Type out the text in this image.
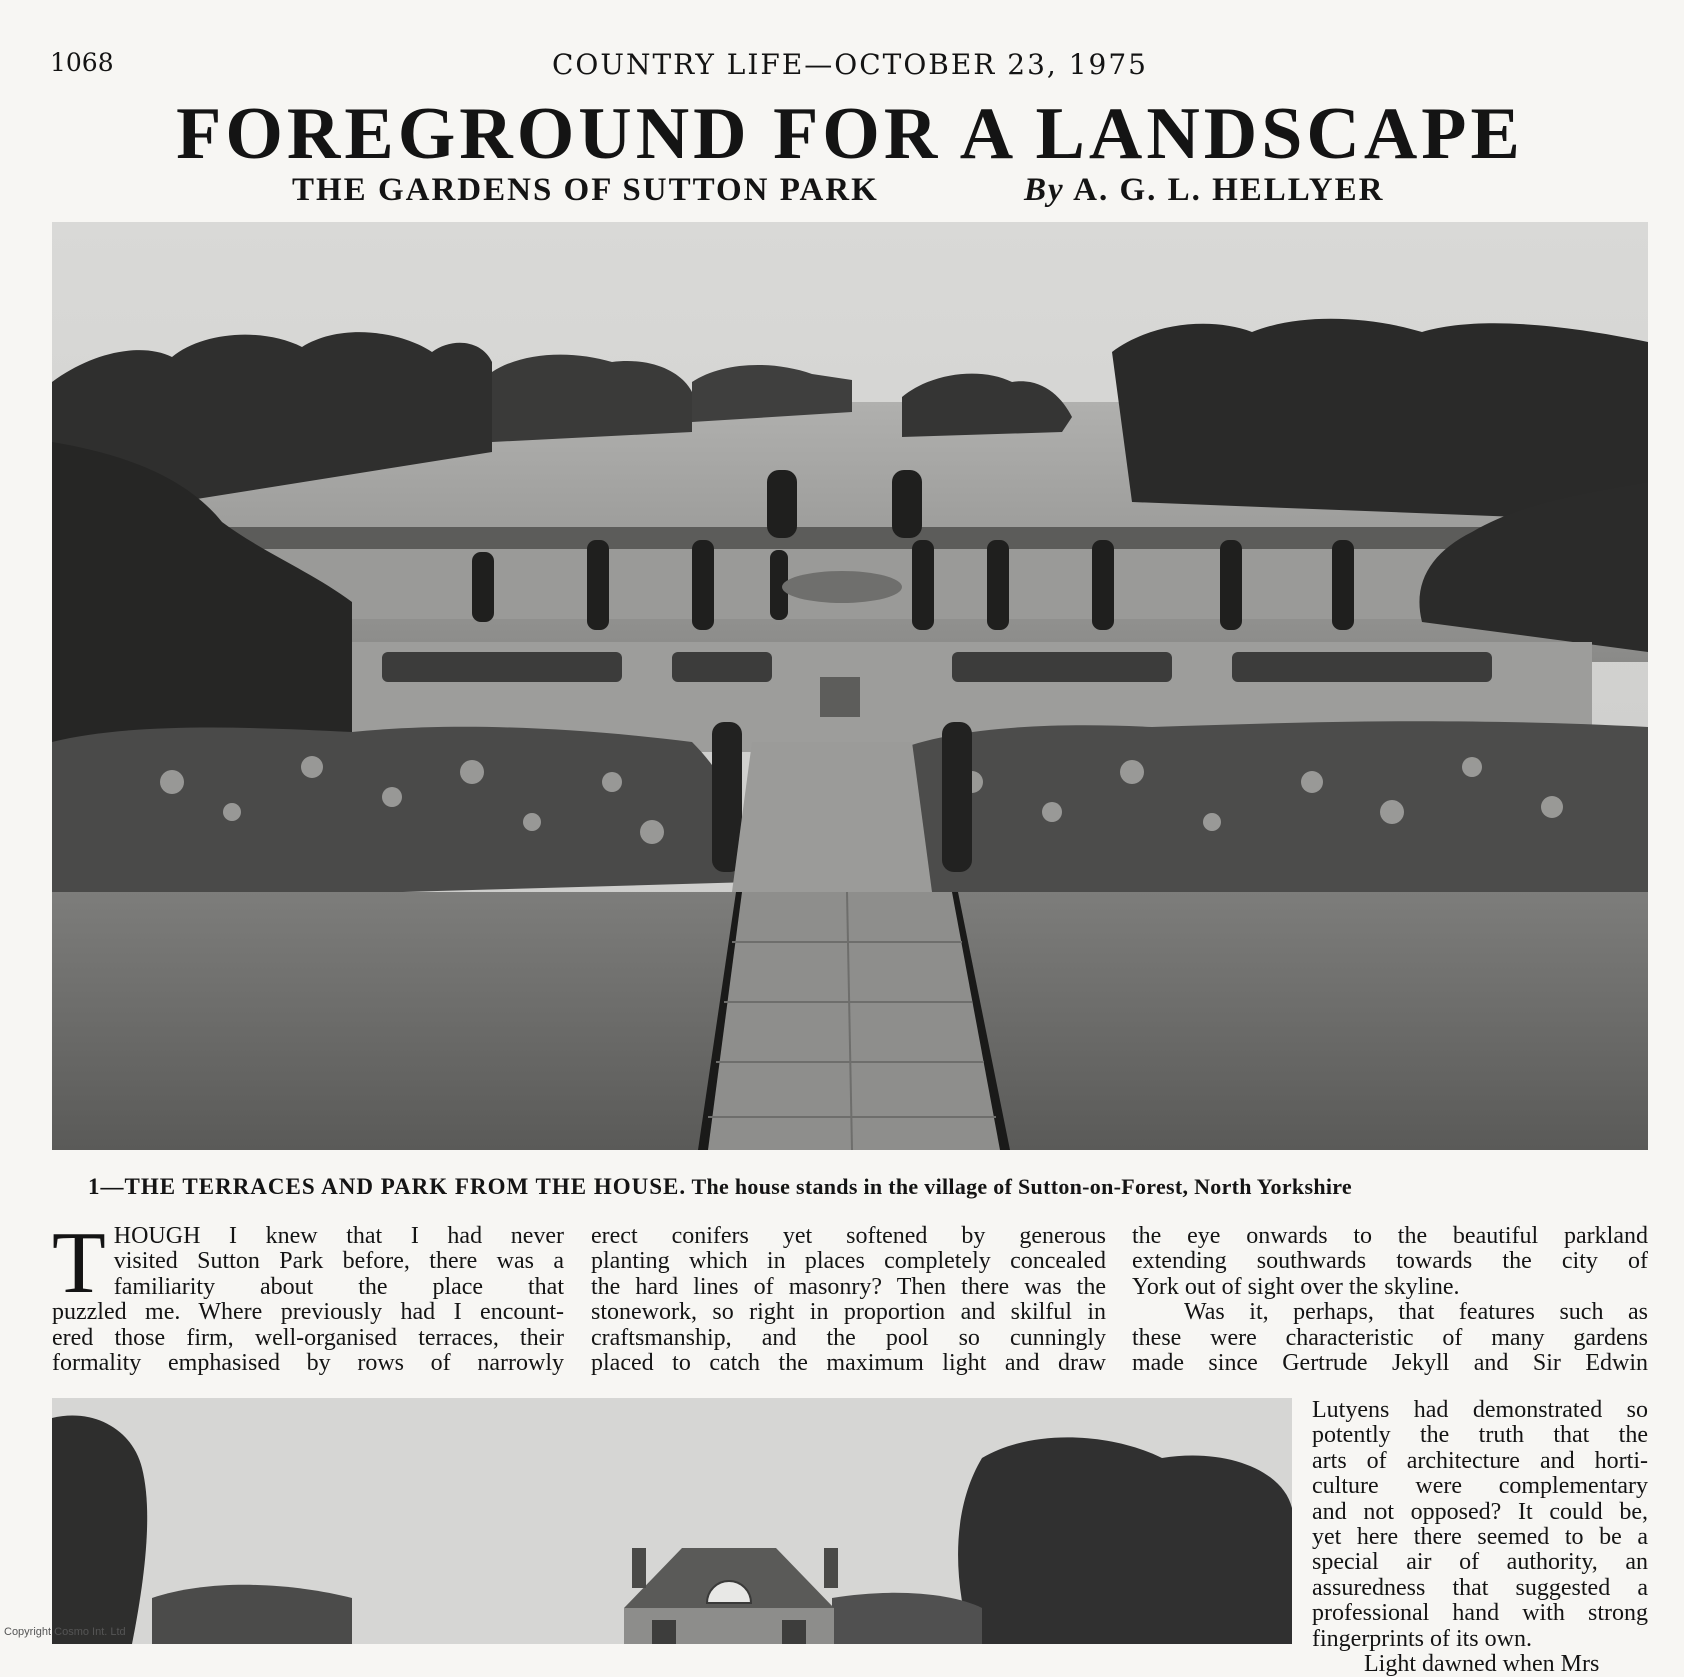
1068	COUNTRY LIFE—OCTOBER 23, 1975
FOREGROUND FOR A LANDSCAPE
THE GARDENS OF SUTTON PARK	By A. G. L. HELLYER
1—THE TERRACES AND PARK FROM THE HOUSE. The house stands in the village of Sutton-on-Forest, North Yorkshire
T HOUGH I knew that I had never
visited Sutton Park before, there was a
familiarity about the place that
puzzled me. Where previously had I encount-
ered those firm, well-organised terraces, their
formality emphasised by rows of narrowly
erect conifers yet softened by generous
planting which in places completely concealed
the hard lines of masonry? Then there was the
stonework, so right in proportion and skilful in
craftsmanship, and the pool so cunningly
placed to catch the maximum light and draw
the eye onwards to the beautiful parkland
extending southwards towards the city of
York out of sight over the skyline.
Was it, perhaps, that features such as
these were characteristic of many gardens
made since Gertrude Jekyll and Sir Edwin
Lutyens had demonstrated so
potently the truth that the
arts of architecture and horti-
culture were complementary
and not opposed? It could be,
yet here there seemed to be a
special air of authority, an
assuredness that suggested a
professional hand with strong
fingerprints of its own.
Light dawned when Mrs
Copyright Cosmo Int. Ltd
